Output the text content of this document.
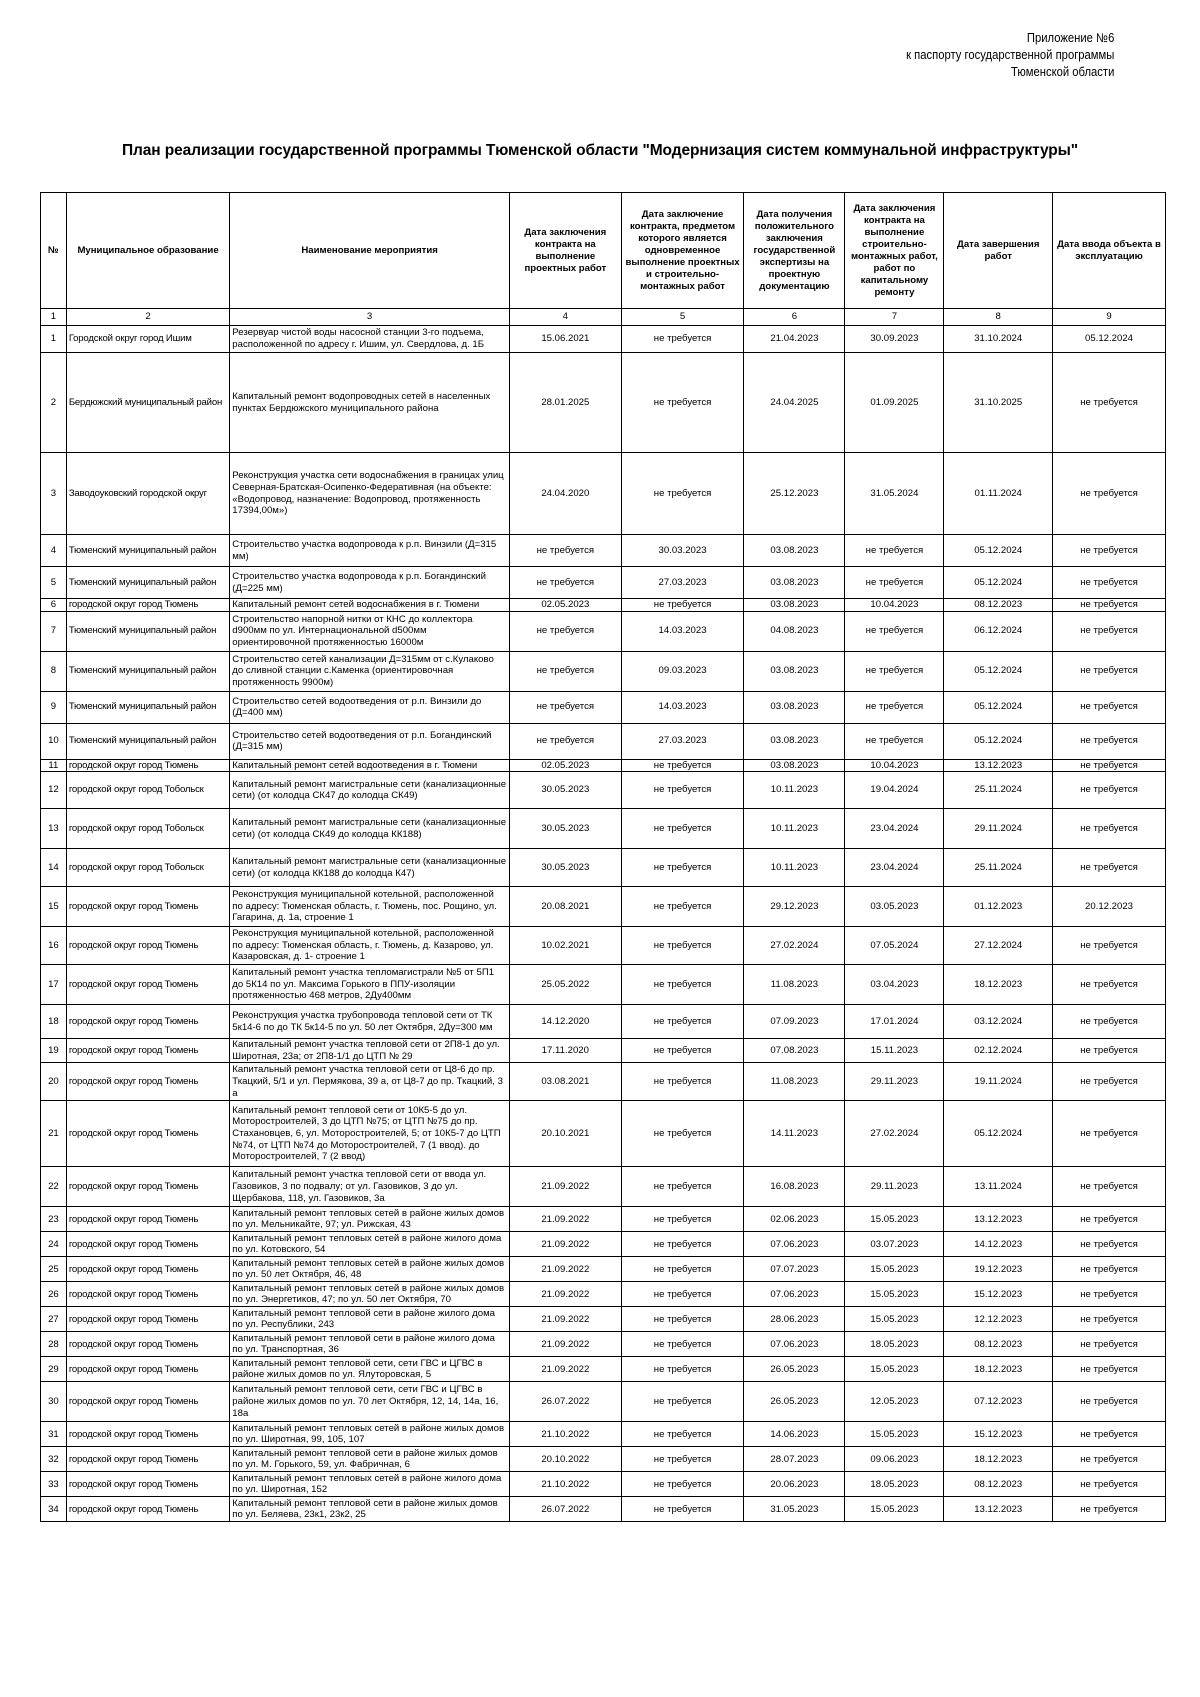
Приложение №6
к паспорту государственной программы
Тюменской области
План реализации государственной программы Тюменской области "Модернизация систем коммунальной инфраструктуры"
№	Муниципальное образование	Наименование мероприятия	Дата заключения контракта на выполнение проектных работ	Дата заключение контракта, предметом которого является одновременное выполнение проектных и строительно-монтажных работ	Дата получения положительного заключения государственной экспертизы на проектную документацию	Дата заключения контракта на выполнение строительно-монтажных работ, работ по капитальному ремонту	Дата завершения работ	Дата ввода объекта в эксплуатацию
1	2	3	4	5	6	7	8	9
1	Городской округ город Ишим	Резервуар чистой воды насосной станции 3-го подъема, расположенной по адресу г. Ишим, ул. Свердлова, д. 1Б	15.06.2021	не требуется	21.04.2023	30.09.2023	31.10.2024	05.12.2024
2	Бердюжский муниципальный район	Капитальный ремонт водопроводных сетей в населенных пунктах Бердюжского муниципального района	28.01.2025	не требуется	24.04.2025	01.09.2025	31.10.2025	не требуется
3	Заводоуковский городской округ	Реконструкция участка сети водоснабжения в границах улиц Северная-Братская-Осипенко-Федеративная (на объекте: «Водопровод, назначение: Водопровод, протяженность 17394,00м»)	24.04.2020	не требуется	25.12.2023	31.05.2024	01.11.2024	не требуется
4	Тюменский муниципальный район	Строительство участка водопровода к р.п. Винзили (Д=315 мм)	не требуется	30.03.2023	03.08.2023	не требуется	05.12.2024	не требуется
5	Тюменский муниципальный район	Строительство участка водопровода к р.п. Богандинский (Д=225 мм)	не требуется	27.03.2023	03.08.2023	не требуется	05.12.2024	не требуется
6	городской округ город Тюмень	Капитальный ремонт сетей водоснабжения в г. Тюмени	02.05.2023	не требуется	03.08.2023	10.04.2023	08.12.2023	не требуется
7	Тюменский муниципальный район	Строительство напорной нитки от КНС до коллектора d900мм по ул. Интернациональной d500мм ориентировочной протяженностью 16000м	не требуется	14.03.2023	04.08.2023	не требуется	06.12.2024	не требуется
8	Тюменский муниципальный район	Строительство сетей канализации Д=315мм от с.Кулаково до сливной станции с.Каменка (ориентировочная протяженность 9900м)	не требуется	09.03.2023	03.08.2023	не требуется	05.12.2024	не требуется
9	Тюменский муниципальный район	Строительство сетей водоотведения от р.п. Винзили до (Д=400 мм)	не требуется	14.03.2023	03.08.2023	не требуется	05.12.2024	не требуется
10	Тюменский муниципальный район	Строительство сетей водоотведения от р.п. Богандинский (Д=315 мм)	не требуется	27.03.2023	03.08.2023	не требуется	05.12.2024	не требуется
11	городской округ город Тюмень	Капитальный ремонт сетей водоотведения в г. Тюмени	02.05.2023	не требуется	03.08.2023	10.04.2023	13.12.2023	не требуется
12	городской округ город Тобольск	Капитальный ремонт магистральные сети (канализационные сети) (от колодца СК47 до колодца СК49)	30.05.2023	не требуется	10.11.2023	19.04.2024	25.11.2024	не требуется
13	городской округ город Тобольск	Капитальный ремонт магистральные сети (канализационные сети) (от колодца СК49 до колодца КК188)	30.05.2023	не требуется	10.11.2023	23.04.2024	29.11.2024	не требуется
14	городской округ город Тобольск	Капитальный ремонт магистральные сети (канализационные сети) (от колодца КК188 до колодца К47)	30.05.2023	не требуется	10.11.2023	23.04.2024	25.11.2024	не требуется
15	городской округ город Тюмень	Реконструкция муниципальной котельной, расположенной по адресу: Тюменская область, г. Тюмень, пос. Рощино, ул. Гагарина, д. 1а, строение 1	20.08.2021	не требуется	29.12.2023	03.05.2023	01.12.2023	20.12.2023
16	городской округ город Тюмень	Реконструкция муниципальной котельной, расположенной по адресу: Тюменская область, г. Тюмень, д. Казарово, ул. Казаровская, д. 1- строение 1	10.02.2021	не требуется	27.02.2024	07.05.2024	27.12.2024	не требуется
17	городской округ город Тюмень	Капитальный ремонт участка тепломагистрали №5 от 5П1 до 5К14 по ул. Максима Горького в ППУ-изоляции протяженностью 468 метров, 2Ду400мм	25.05.2022	не требуется	11.08.2023	03.04.2023	18.12.2023	не требуется
18	городской округ город Тюмень	Реконструкция участка трубопровода тепловой сети от ТК 5к14-6 по до ТК 5к14-5 по ул. 50 лет Октября, 2Ду=300 мм	14.12.2020	не требуется	07.09.2023	17.01.2024	03.12.2024	не требуется
19	городской округ город Тюмень	Капитальный ремонт участка тепловой сети от 2П8-1 до ул. Широтная, 23а; от 2П8-1/1 до ЦТП № 29	17.11.2020	не требуется	07.08.2023	15.11.2023	02.12.2024	не требуется
20	городской округ город Тюмень	Капитальный ремонт участка тепловой сети от Ц8-6 до пр. Ткацкий, 5/1 и ул. Пермякова, 39 а, от Ц8-7 до пр. Ткацкий, 3 а	03.08.2021	не требуется	11.08.2023	29.11.2023	19.11.2024	не требуется
21	городской округ город Тюмень	Капитальный ремонт тепловой сети от 10К5-5 до ул. Моторостроителей, 3 до ЦТП №75; от ЦТП №75 до пр. Стахановцев, 6, ул. Моторостроителей, 5; от 10К5-7 до ЦТП №74, от ЦТП №74 до Моторостроителей, 7 (1 ввод). до Моторостроителей, 7 (2 ввод)	20.10.2021	не требуется	14.11.2023	27.02.2024	05.12.2024	не требуется
22	городской округ город Тюмень	Капитальный ремонт участка тепловой сети от ввода ул. Газовиков, 3 по подвалу; от ул. Газовиков, 3 до ул. Щербакова, 118, ул. Газовиков, 3а	21.09.2022	не требуется	16.08.2023	29.11.2023	13.11.2024	не требуется
23	городской округ город Тюмень	Капитальный ремонт тепловых сетей в районе жилых домов по ул. Мельникайте, 97; ул. Рижская, 43	21.09.2022	не требуется	02.06.2023	15.05.2023	13.12.2023	не требуется
24	городской округ город Тюмень	Капитальный ремонт тепловых сетей в районе жилого дома по ул. Котовского, 54	21.09.2022	не требуется	07.06.2023	03.07.2023	14.12.2023	не требуется
25	городской округ город Тюмень	Капитальный ремонт тепловых сетей в районе жилых домов по ул. 50 лет Октября, 46, 48	21.09.2022	не требуется	07.07.2023	15.05.2023	19.12.2023	не требуется
26	городской округ город Тюмень	Капитальный ремонт тепловых сетей в районе жилых домов по ул. Энергетиков, 47; по ул. 50 лет Октября, 70	21.09.2022	не требуется	07.06.2023	15.05.2023	15.12.2023	не требуется
27	городской округ город Тюмень	Капитальный ремонт тепловой сети в районе жилого дома по ул. Республики, 243	21.09.2022	не требуется	28.06.2023	15.05.2023	12.12.2023	не требуется
28	городской округ город Тюмень	Капитальный ремонт тепловой сети в районе жилого дома по ул. Транспортная, 36	21.09.2022	не требуется	07.06.2023	18.05.2023	08.12.2023	не требуется
29	городской округ город Тюмень	Капитальный ремонт тепловой сети, сети ГВС и ЦГВС в районе жилых домов по ул. Ялуторовская, 5	21.09.2022	не требуется	26.05.2023	15.05.2023	18.12.2023	не требуется
30	городской округ город Тюмень	Капитальный ремонт тепловой сети, сети ГВС и ЦГВС в районе жилых домов по ул. 70 лет Октября, 12, 14, 14а, 16, 18а	26.07.2022	не требуется	26.05.2023	12.05.2023	07.12.2023	не требуется
31	городской округ город Тюмень	Капитальный ремонт тепловых сетей в районе жилых домов по ул. Широтная, 99, 105, 107	21.10.2022	не требуется	14.06.2023	15.05.2023	15.12.2023	не требуется
32	городской округ город Тюмень	Капитальный ремонт тепловой сети в районе жилых домов по ул. М. Горького, 59, ул. Фабричная, 6	20.10.2022	не требуется	28.07.2023	09.06.2023	18.12.2023	не требуется
33	городской округ город Тюмень	Капитальный ремонт тепловых сетей в районе жилого дома по ул. Широтная, 152	21.10.2022	не требуется	20.06.2023	18.05.2023	08.12.2023	не требуется
34	городской округ город Тюмень	Капитальный ремонт тепловой сети в районе жилых домов по ул. Беляева, 23к1, 23к2, 25	26.07.2022	не требуется	31.05.2023	15.05.2023	13.12.2023	не требуется
